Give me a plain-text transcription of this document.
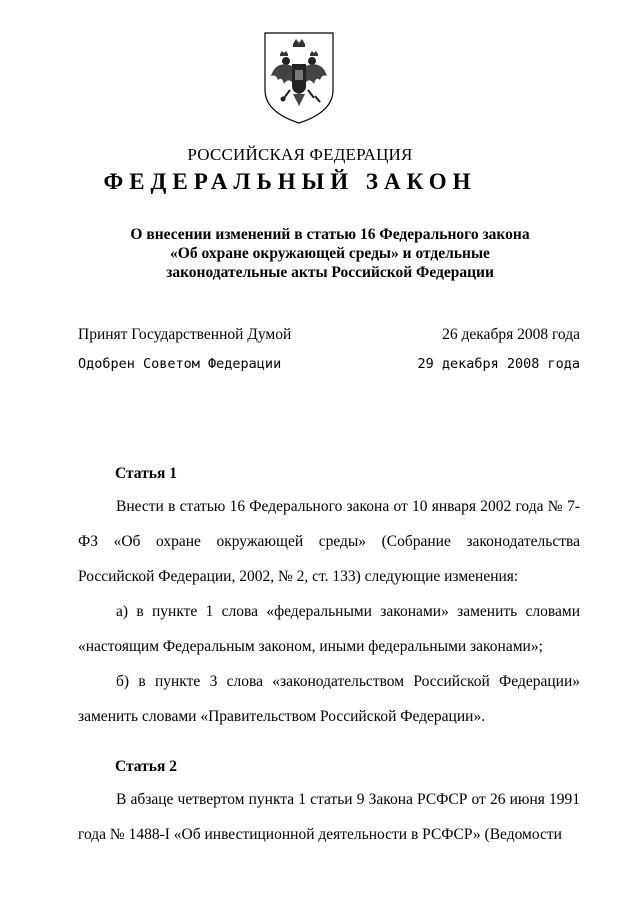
РОССИЙСКАЯ ФЕДЕРАЦИЯ
ФЕДЕРАЛЬНЫЙ ЗАКОН
О внесении изменений в статью 16 Федерального закона
«Об охране окружающей среды» и отдельные
законодательные акты Российской Федерации
Принят Государственной Думой	26 декабря 2008 года
Одобрен Советом Федерации	29 декабря 2008 года
Статья 1
Внести в статью 16 Федерального закона от 10 января 2002 года № 7-ФЗ «Об охране окружающей среды» (Собрание законодательства Российской Федерации, 2002, № 2, ст. 133) следующие изменения:
а) в пункте 1 слова «федеральными законами» заменить словами «настоящим Федеральным законом, иными федеральными законами»;
б) в пункте 3 слова «законодательством Российской Федерации» заменить словами «Правительством Российской Федерации».
Статья 2
В абзаце четвертом пункта 1 статьи 9 Закона РСФСР от 26 июня 1991 года № 1488-I «Об инвестиционной деятельности в РСФСР» (Ведомости
